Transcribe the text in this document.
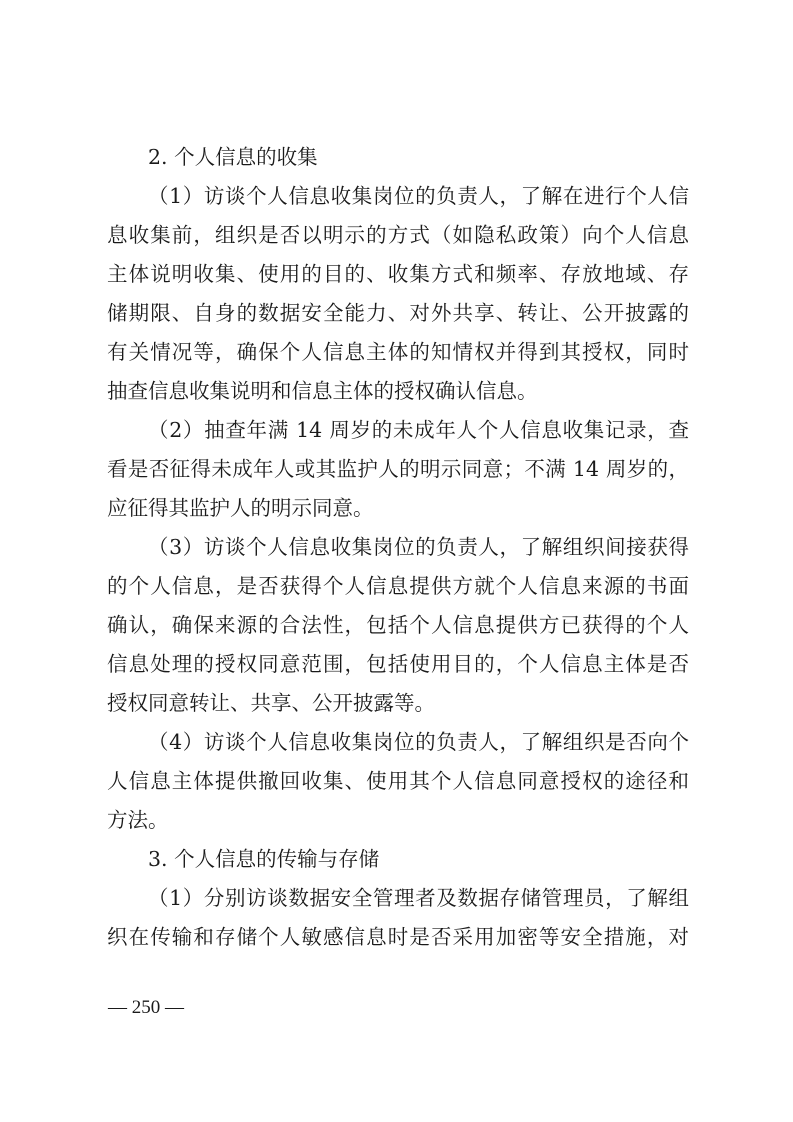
2. 个人信息的收集
（1）访谈个人信息收集岗位的负责人，了解在进行个人信
息收集前，组织是否以明示的方式（如隐私政策）向个人信息
主体说明收集、使用的目的、收集方式和频率、存放地域、存
储期限、自身的数据安全能力、对外共享、转让、公开披露的
有关情况等，确保个人信息主体的知情权并得到其授权，同时
抽查信息收集说明和信息主体的授权确认信息。
（2）抽查年满 14 周岁的未成年人个人信息收集记录，查
看是否征得未成年人或其监护人的明示同意；不满 14 周岁的，
应征得其监护人的明示同意。
（3）访谈个人信息收集岗位的负责人，了解组织间接获得
的个人信息，是否获得个人信息提供方就个人信息来源的书面
确认，确保来源的合法性，包括个人信息提供方已获得的个人
信息处理的授权同意范围，包括使用目的，个人信息主体是否
授权同意转让、共享、公开披露等。
（4）访谈个人信息收集岗位的负责人，了解组织是否向个
人信息主体提供撤回收集、使用其个人信息同意授权的途径和
方法。
3. 个人信息的传输与存储
（1）分别访谈数据安全管理者及数据存储管理员，了解组
织在传输和存储个人敏感信息时是否采用加密等安全措施，对
— 250 —
